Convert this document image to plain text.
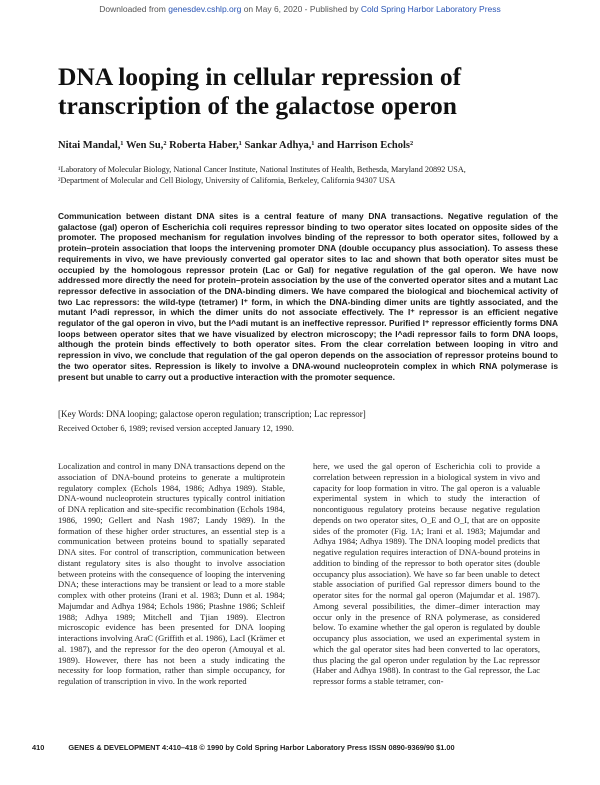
Downloaded from genesdev.cshlp.org on May 6, 2020 - Published by Cold Spring Harbor Laboratory Press
DNA looping in cellular repression of transcription of the galactose operon
Nitai Mandal,¹ Wen Su,² Roberta Haber,¹ Sankar Adhya,¹ and Harrison Echols²
¹Laboratory of Molecular Biology, National Cancer Institute, National Institutes of Health, Bethesda, Maryland 20892 USA,
²Department of Molecular and Cell Biology, University of California, Berkeley, California 94307 USA

Communication between distant DNA sites is a central feature of many DNA transactions. Negative regulation of the galactose (gal) operon of Escherichia coli requires repressor binding to two operator sites located on opposite sides of the promoter. The proposed mechanism for regulation involves binding of the repressor to both operator sites, followed by a protein–protein association that loops the intervening promoter DNA (double occupancy plus association). To assess these requirements in vivo, we have previously converted gal operator sites to lac and shown that both operator sites must be occupied by the homologous repressor protein (Lac or Gal) for negative regulation of the gal operon. We have now addressed more directly the need for protein–protein association by the use of the converted operator sites and a mutant Lac repressor defective in association of the DNA-binding dimers. We have compared the biological and biochemical activity of two Lac repressors: the wild-type (tetramer) I⁺ form, in which the DNA-binding dimer units are tightly associated, and the mutant I^adi repressor, in which the dimer units do not associate effectively. The I⁺ repressor is an efficient negative regulator of the gal operon in vivo, but the I^adi mutant is an ineffective repressor. Purified I⁺ repressor efficiently forms DNA loops between operator sites that we have visualized by electron microscopy; the I^adi repressor fails to form DNA loops, although the protein binds effectively to both operator sites. From the clear correlation between looping in vitro and repression in vivo, we conclude that regulation of the gal operon depends on the association of repressor proteins bound to the two operator sites. Repression is likely to involve a DNA-wound nucleoprotein complex in which RNA polymerase is present but unable to carry out a productive interaction with the promoter sequence.

[Key Words: DNA looping; galactose operon regulation; transcription; Lac repressor]
Received October 6, 1989; revised version accepted January 12, 1990.

Localization and control in many DNA transactions depend on the association of DNA-bound proteins to generate a multiprotein regulatory complex (Echols 1984, 1986; Adhya 1989). Stable, DNA-wound nucleoprotein structures typically control initiation of DNA replication and site-specific recombination (Echols 1984, 1986, 1990; Gellert and Nash 1987; Landy 1989). In the formation of these higher order structures, an essential step is a communication between proteins bound to spatially separated DNA sites. For control of transcription, communication between distant regulatory sites is also thought to involve association between proteins with the consequence of looping the intervening DNA; these interactions may be transient or lead to a more stable complex with other proteins (Irani et al. 1983; Dunn et al. 1984; Majumdar and Adhya 1984; Echols 1986; Ptashne 1986; Schleif 1988; Adhya 1989; Mitchell and Tjian 1989). Electron microscopic evidence has been presented for DNA looping interactions involving AraC (Griffith et al. 1986), LacI (Krämer et al. 1987), and the repressor for the deo operon (Amouyal et al. 1989). However, there has not been a study indicating the necessity for loop formation, rather than simple occupancy, for regulation of transcription in vivo. In the work reported

here, we used the gal operon of Escherichia coli to provide a correlation between repression in a biological system in vivo and capacity for loop formation in vitro. The gal operon is a valuable experimental system in which to study the interaction of noncontiguous regulatory proteins because negative regulation depends on two operator sites, O_E and O_I, that are on opposite sides of the promoter (Fig. 1A; Irani et al. 1983; Majumdar and Adhya 1984; Adhya 1989). The DNA looping model predicts that negative regulation requires interaction of DNA-bound proteins in addition to binding of the repressor to both operator sites (double occupancy plus association). We have so far been unable to detect stable association of purified Gal repressor dimers bound to the operator sites for the normal gal operon (Majumdar et al. 1987). Among several possibilities, the dimer–dimer interaction may occur only in the presence of RNA polymerase, as considered below. To examine whether the gal operon is regulated by double occupancy plus association, we used an experimental system in which the gal operator sites had been converted to lac operators, thus placing the gal operon under regulation by the Lac repressor (Haber and Adhya 1988). In contrast to the Gal repressor, the Lac repressor forms a stable tetramer, con-

410	GENES & DEVELOPMENT 4:410–418 © 1990 by Cold Spring Harbor Laboratory Press ISSN 0890-9369/90 $1.00
